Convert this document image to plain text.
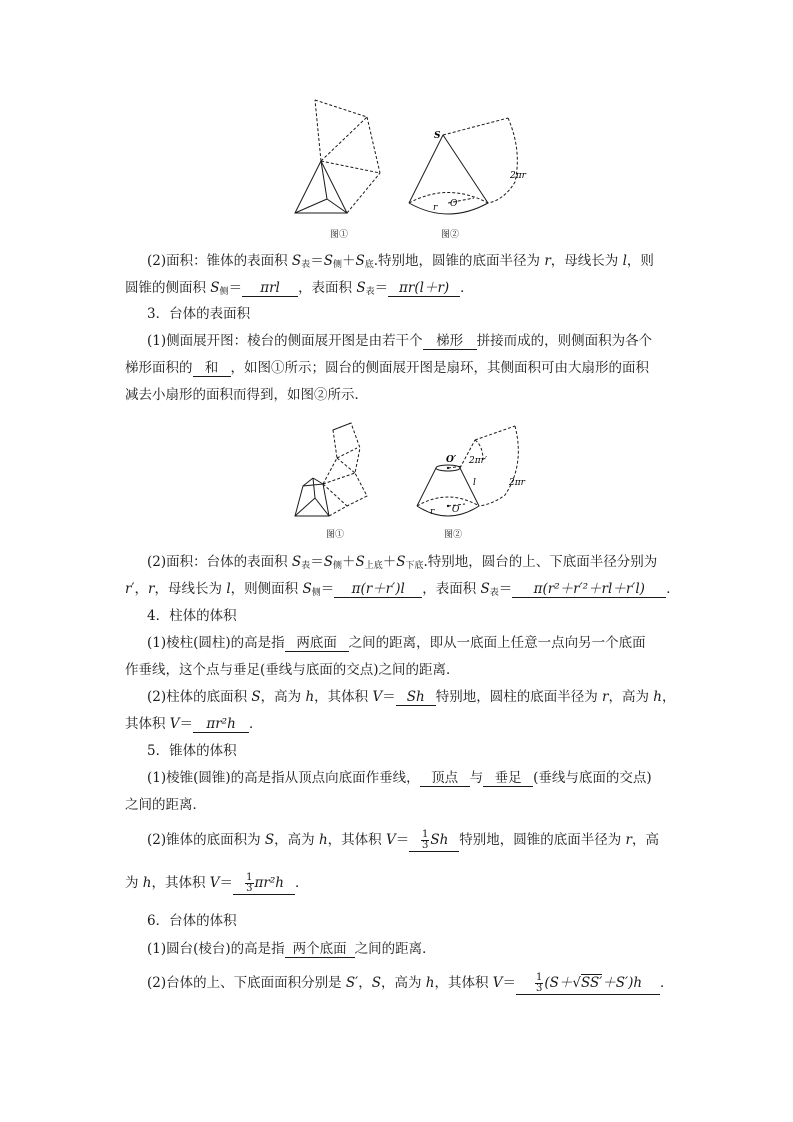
图①
S
2πr
r O
图②
(2)面积：锥体的表面积 $S_表=S_侧+S_底$.特别地，圆锥的底面半径为 r，母线长为 l，则
圆锥的侧面积 $S_侧= \pi rl$ ，表面积 $S_表= \pi r(l+r)$ ．
3．台体的表面积
(1)侧面展开图：棱台的侧面展开图是由若干个 梯形 拼接而成的，则侧面积为各个
梯形面积的 和 ，如图①所示；圆台的侧面展开图是扇环，其侧面积可由大扇形的面积
减去小扇形的面积而得到，如图②所示．
图①
O′ 2πr′
l	2πr
r O
图②
(2)面积：台体的表面积 $S_表=S_侧+S_{上底}+S_{下底}$.特别地，圆台的上、下底面半径分别为
r′，r，母线长为 l，则侧面积 $S_侧= \pi(r+r')l$ ，表面积 $S_表= \pi(r^2+r'^2+rl+r'l)$ ．
4．柱体的体积
(1)棱柱(圆柱)的高是指 两底面 之间的距离，即从一底面上任意一点向另一个底面
作垂线，这个点与垂足(垂线与底面的交点)之间的距离．
(2)柱体的底面积 S，高为 h，其体积 V＝ Sh 特别地，圆柱的底面半径为 r，高为 h，
其体积 V＝ πr²h ．
5．锥体的体积
(1)棱锥(圆锥)的高是指从顶点向底面作垂线， 顶点 与 垂足 (垂线与底面的交点)
之间的距离．
(2)锥体的底面积为 S，高为 h，其体积 $V= \frac{1}{3}$ Sh 特别地，圆锥的底面半径为 r，高
为 h，其体积 $V= \frac{1}{3} \pi r^2h$ ．
6．台体的体积
(1)圆台(棱台)的高是指 两个底面 之间的距离．
(2)台体的上、下底面面积分别是 S′，S，高为 h，其体积 $V= \frac{1}{3} (S+√SS'+S')h$ ．
